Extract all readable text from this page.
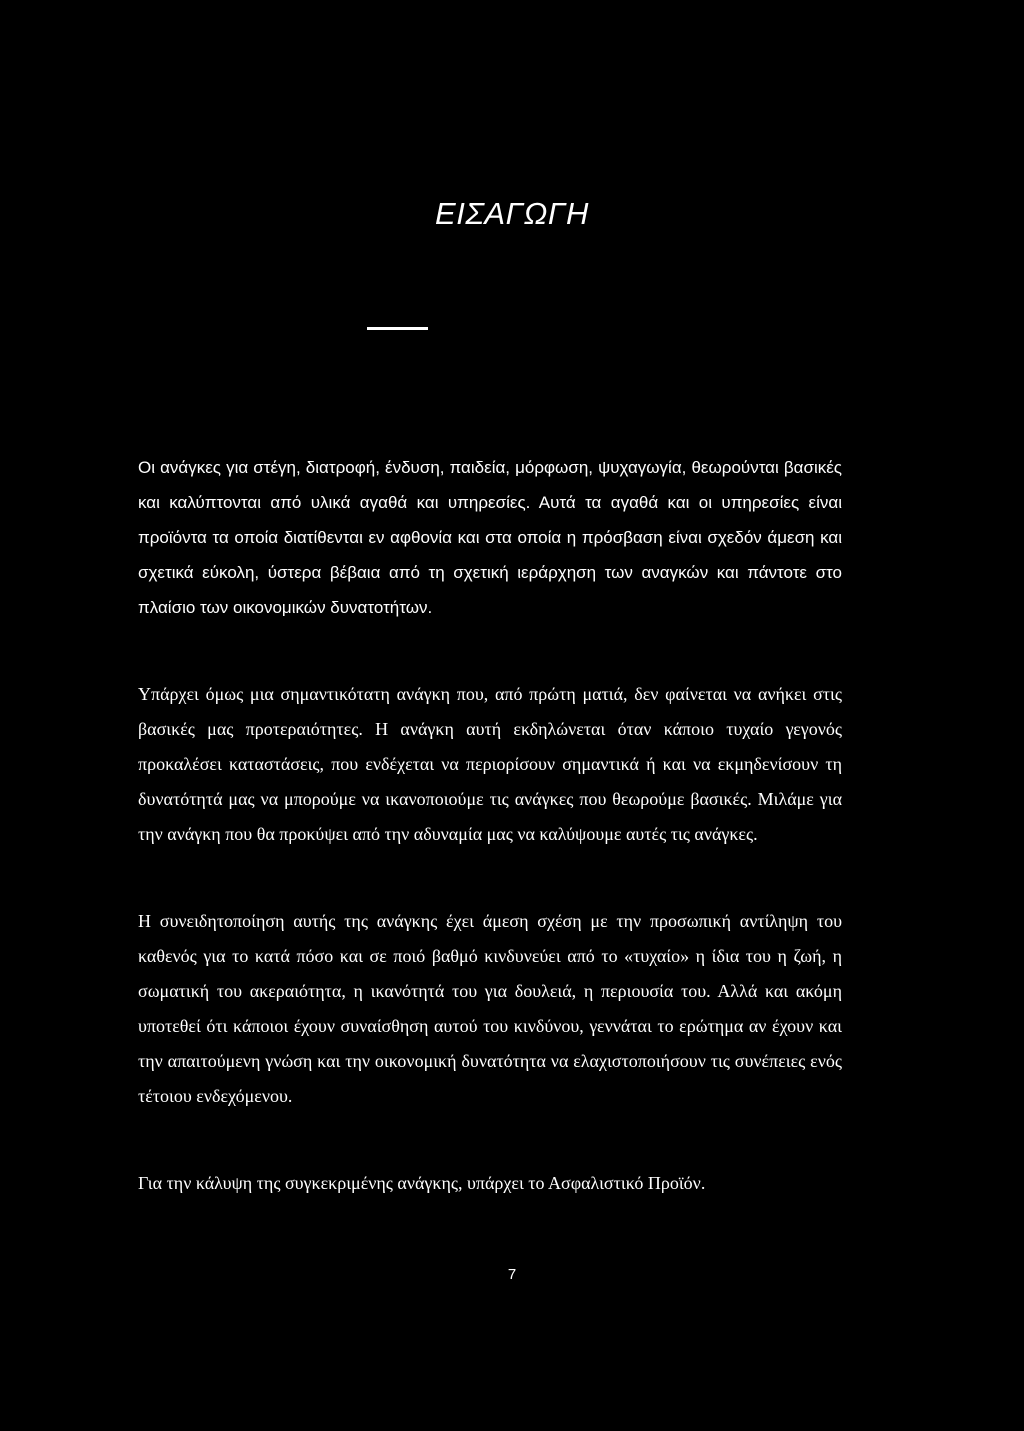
ΕΙΣΑΓΩΓΗ

Οι ανάγκες για στέγη, διατροφή, ένδυση, παιδεία, μόρφωση, ψυχαγωγία, θεωρούνται βασικές και καλύπτονται από υλικά αγαθά και υπηρεσίες. Αυτά τα αγαθά και οι υπηρεσίες είναι προϊόντα τα οποία διατίθενται εν αφθονία και στα οποία η πρόσβαση είναι σχεδόν άμεση και σχετικά εύκολη, ύστερα βέβαια από τη σχετική ιεράρχηση των αναγκών και πάντοτε στο πλαίσιο των οικονομικών δυνατοτήτων.

Υπάρχει όμως μια σημαντικότατη ανάγκη που, από πρώτη ματιά, δεν φαίνεται να ανήκει στις βασικές μας προτεραιότητες. Η ανάγκη αυτή εκδηλώνεται όταν κάποιο τυχαίο γεγονός προκαλέσει καταστάσεις, που ενδέχεται να περιορίσουν σημαντικά ή και να εκμηδενίσουν τη δυνατότητά μας να μπορούμε να ικανοποιούμε τις ανάγκες που θεωρούμε βασικές. Μιλάμε για την ανάγκη που θα προκύψει από την αδυναμία μας να καλύψουμε αυτές τις ανάγκες.

Η συνειδητοποίηση αυτής της ανάγκης έχει άμεση σχέση με την προσωπική αντίληψη του καθενός για το κατά πόσο και σε ποιό βαθμό κινδυνεύει από το «τυχαίο» η ίδια του η ζωή, η σωματική του ακεραιότητα, η ικανότητά του για δουλειά, η περιουσία του. Αλλά και ακόμη υποτεθεί ότι κάποιοι έχουν συναίσθηση αυτού του κινδύνου, γεννάται το ερώτημα αν έχουν και την απαιτούμενη γνώση και την οικονομική δυνατότητα να ελαχιστοποιήσουν τις συνέπειες ενός τέτοιου ενδεχόμενου.

Για την κάλυψη της συγκεκριμένης ανάγκης, υπάρχει το Ασφαλιστικό Προϊόν.

7
